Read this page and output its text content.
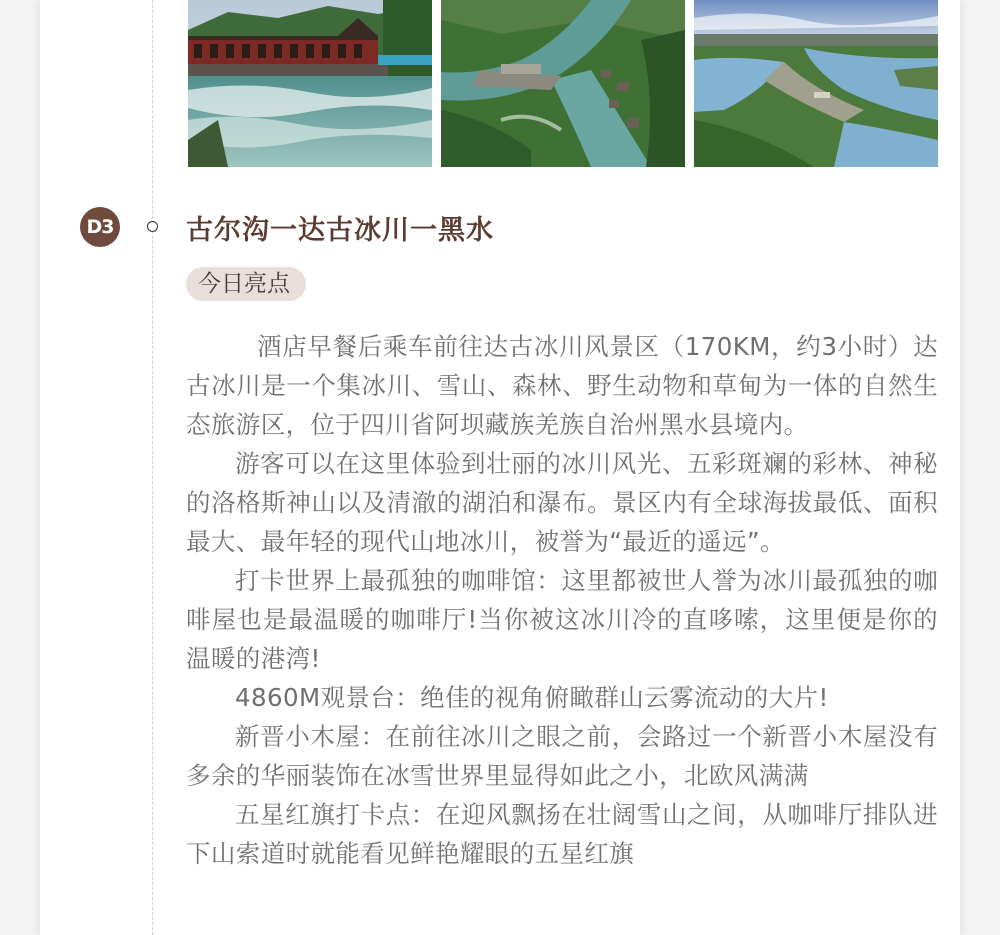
D3	古尔沟一达古冰川一黑水
今日亮点

酒店早餐后乘车前往达古冰川风景区（170KM，约3小时）达古冰川是一个集冰川、雪山、森林、野生动物和草甸为一体的自然生态旅游区，位于四川省阿坝藏族羌族自治州黑水县境内。

游客可以在这里体验到壮丽的冰川风光、五彩斑斓的彩林、神秘的洛格斯神山以及清澈的湖泊和瀑布。景区内有全球海拔最低、面积最大、最年轻的现代山地冰川，被誉为“最近的遥远”。

打卡世界上最孤独的咖啡馆：这里都被世人誉为冰川最孤独的咖啡屋也是最温暖的咖啡厅!当你被这冰川冷的直哆嗦，这里便是你的温暖的港湾!

4860M观景台：绝佳的视角俯瞰群山云雾流动的大片!

新晋小木屋：在前往冰川之眼之前，会路过一个新晋小木屋没有多余的华丽装饰在冰雪世界里显得如此之小，北欧风满满

五星红旗打卡点：在迎风飘扬在壮阔雪山之间，从咖啡厅排队进下山索道时就能看见鲜艳耀眼的五星红旗
